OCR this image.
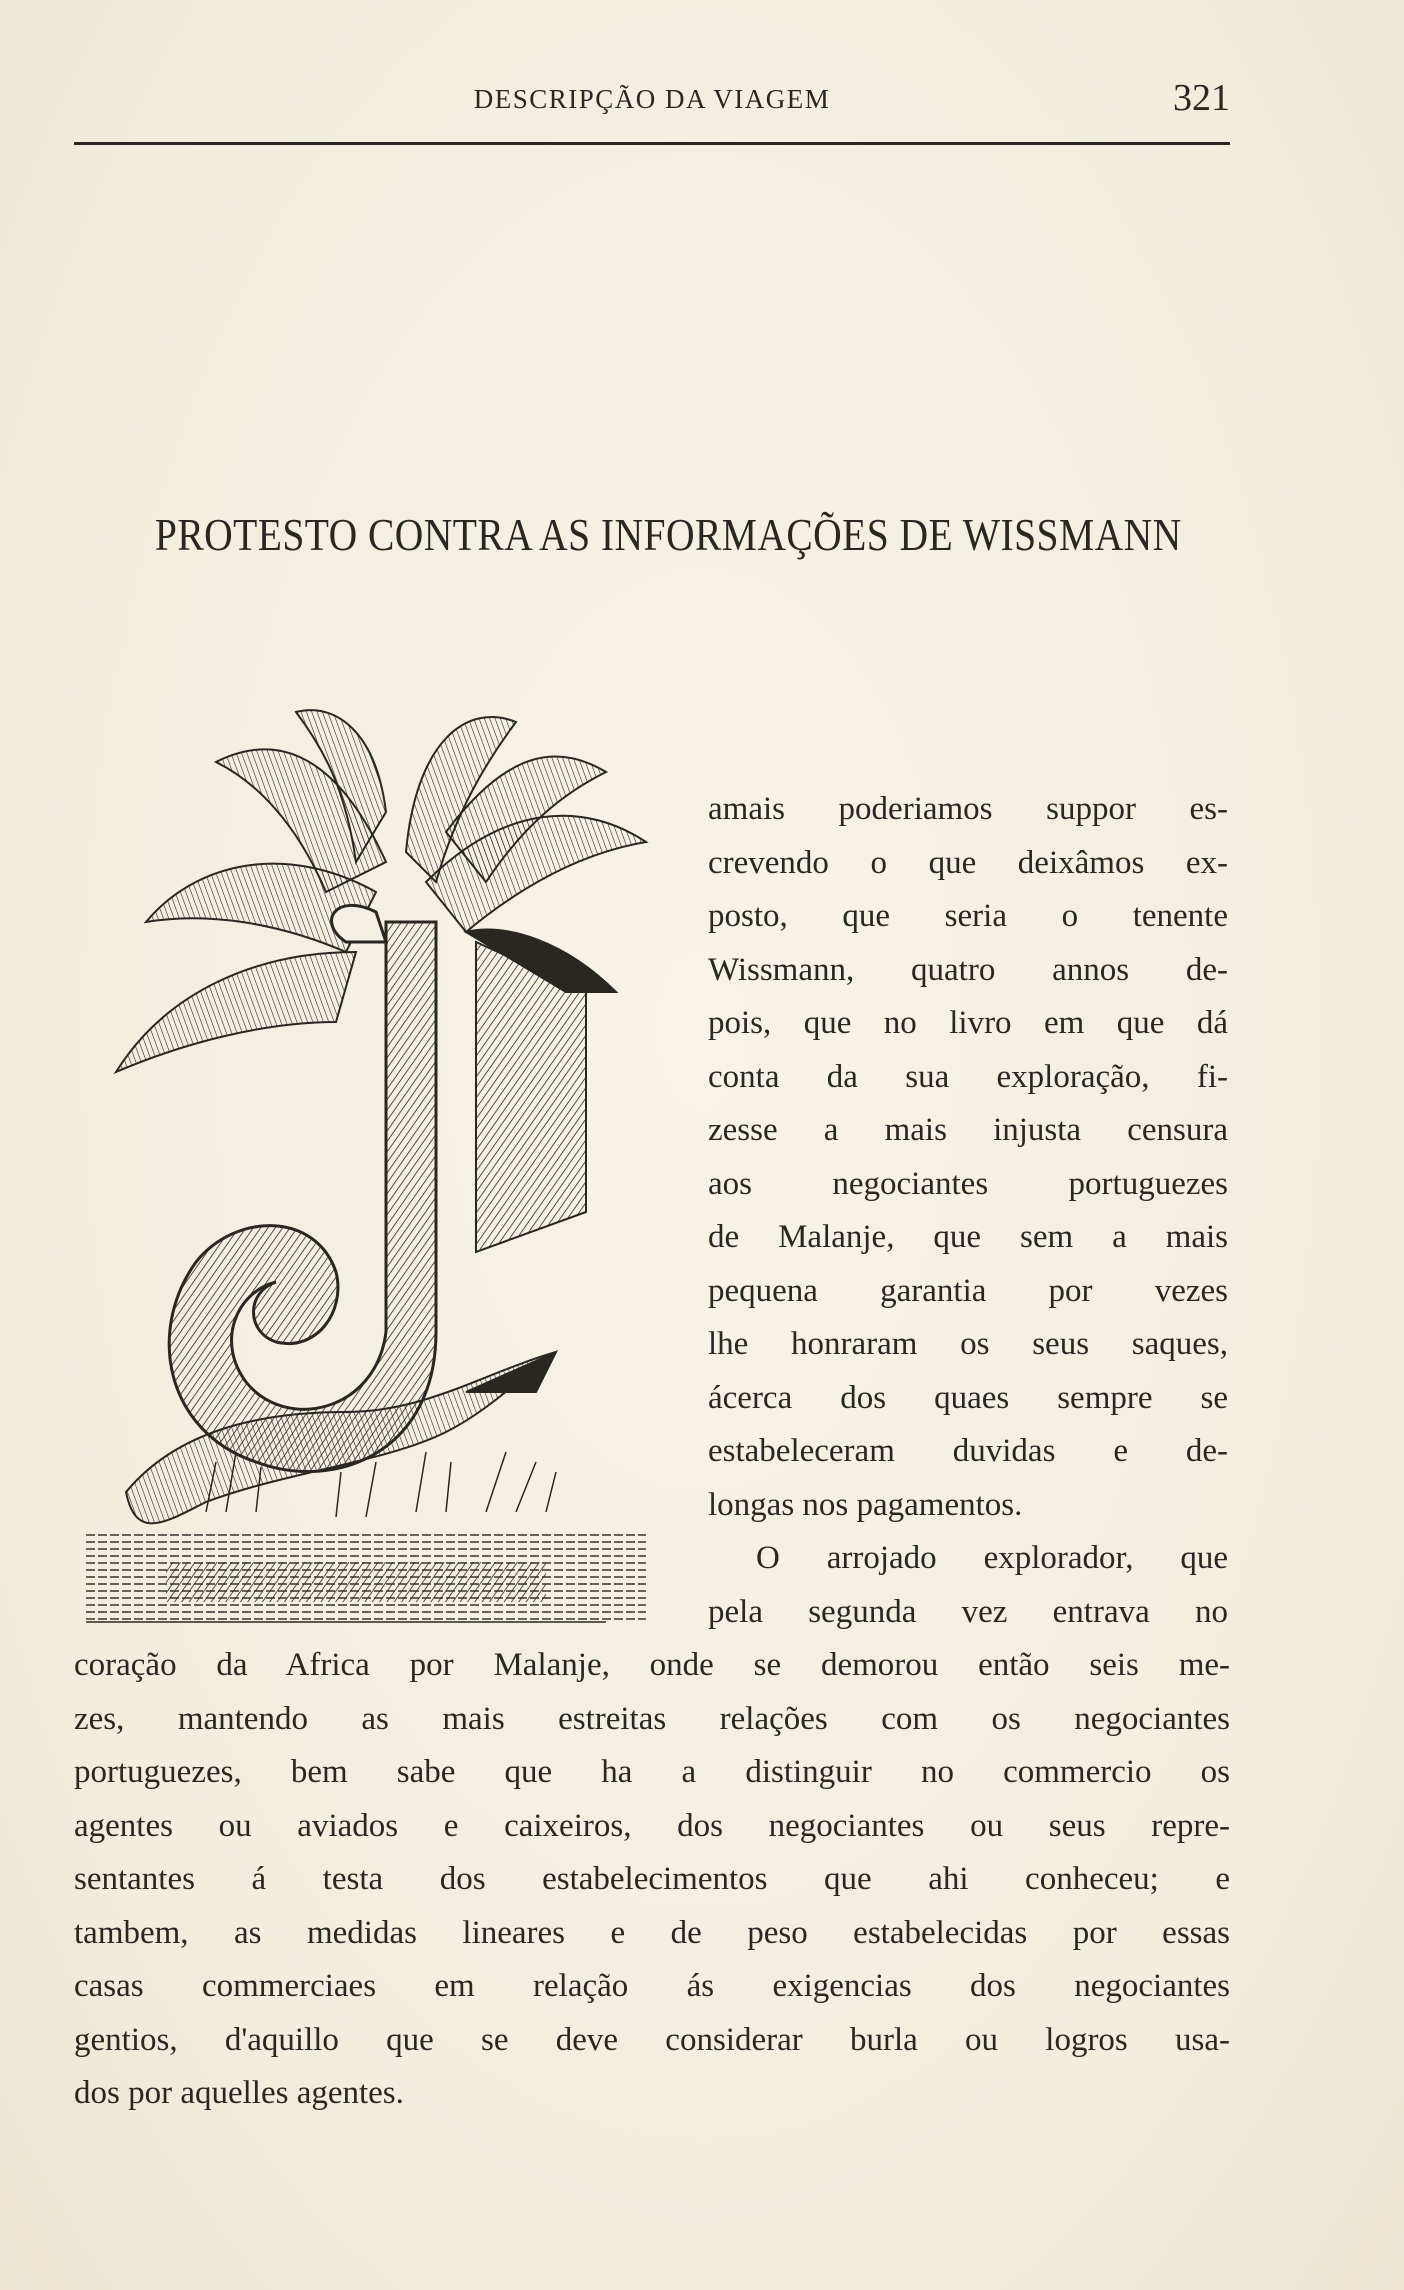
DESCRIPÇÃO DA VIAGEM	321
PROTESTO CONTRA AS INFORMAÇÕES DE WISSMANN
amais poderiamos suppor es-
crevendo o que deixâmos ex-
posto, que seria o tenente
Wissmann, quatro annos de-
pois, que no livro em que dá
conta da sua exploração, fi-
zesse a mais injusta censura
aos negociantes portuguezes
de Malanje, que sem a mais
pequena garantia por vezes
lhe honraram os seus saques,
ácerca dos quaes sempre se
estabeleceram duvidas e de-
longas nos pagamentos.
O arrojado explorador, que
pela segunda vez entrava no
coração da Africa por Malanje, onde se demorou então seis me-
zes, mantendo as mais estreitas relações com os negociantes
portuguezes, bem sabe que ha a distinguir no commercio os
agentes ou aviados e caixeiros, dos negociantes ou seus repre-
sentantes á testa dos estabelecimentos que ahi conheceu; e
tambem, as medidas lineares e de peso estabelecidas por essas
casas commerciaes em relação ás exigencias dos negociantes
gentios, d'aquillo que se deve considerar burla ou logros usa-
dos por aquelles agentes.
